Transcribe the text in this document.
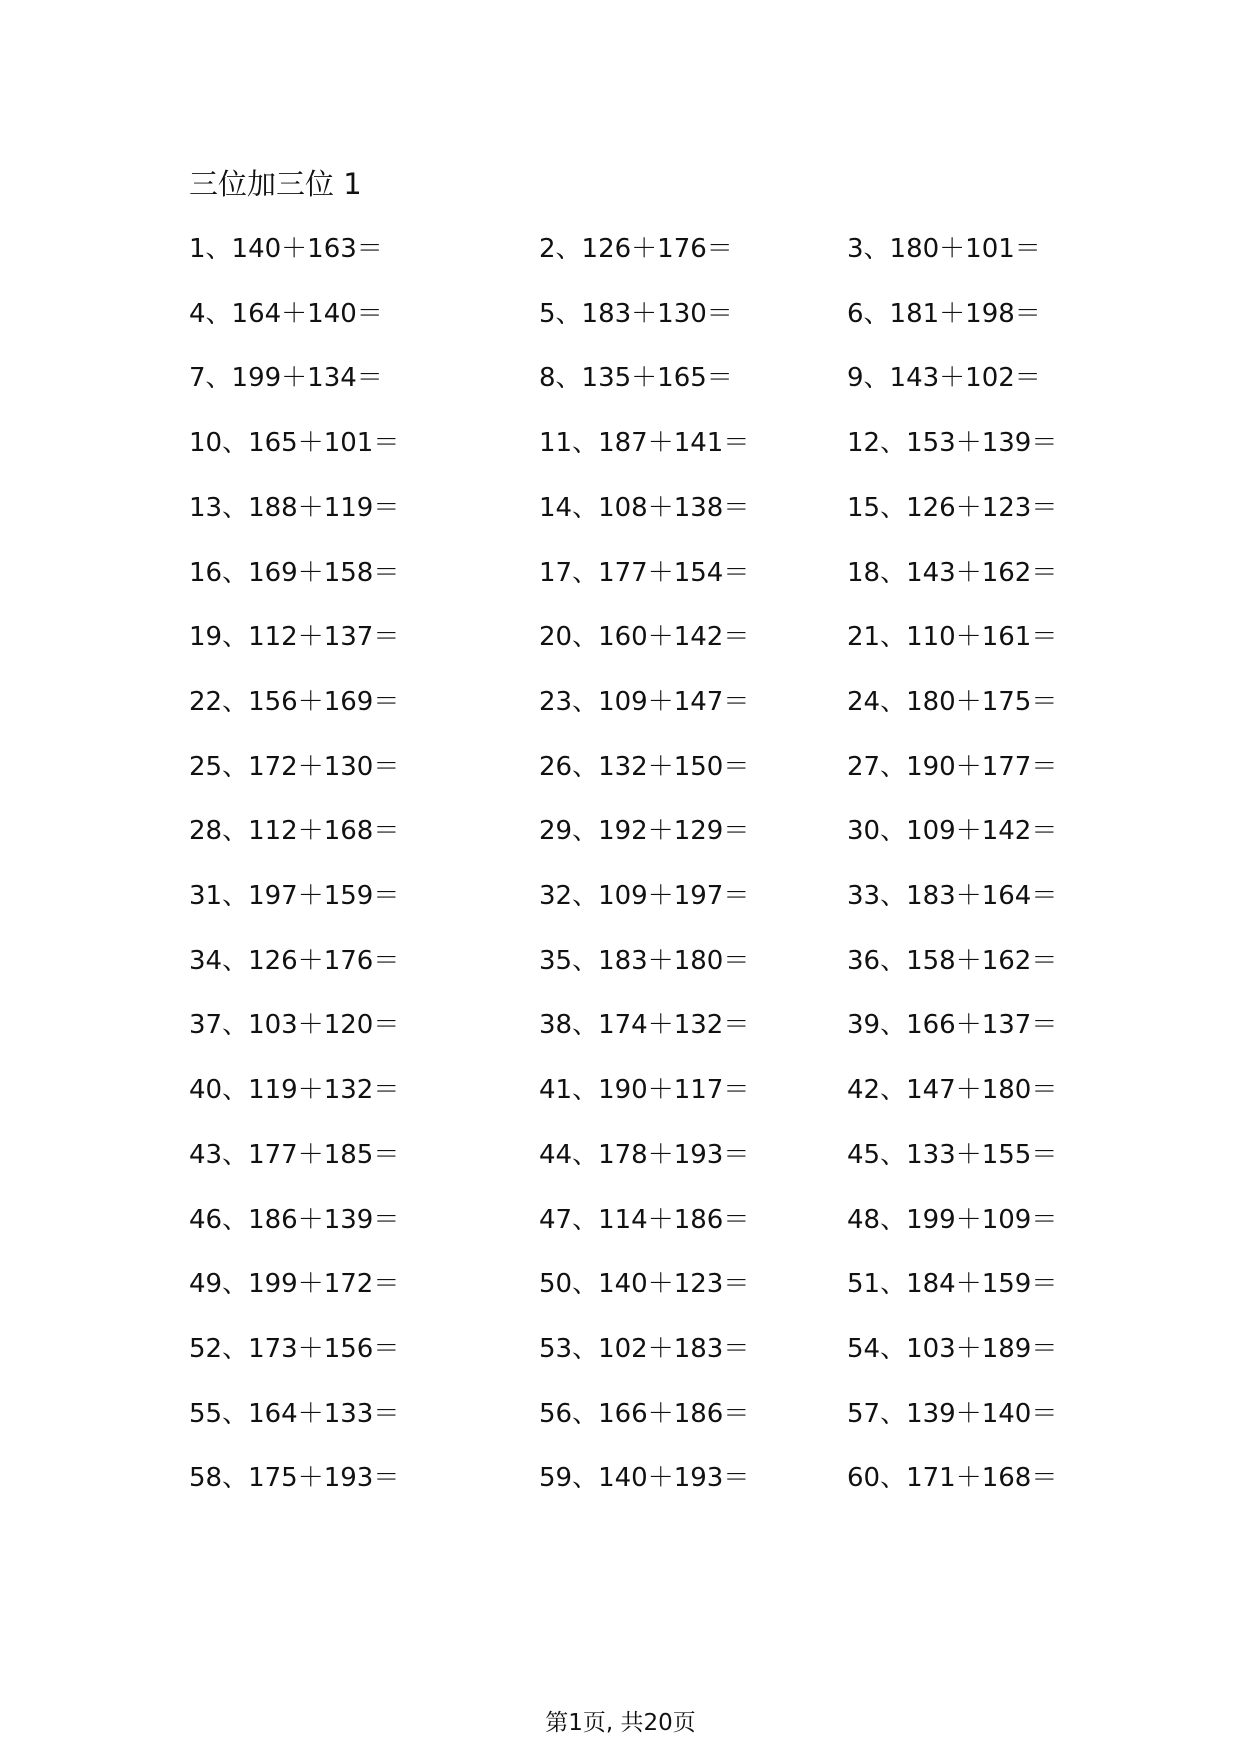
三位加三位 1
1、140＋163＝	2、126＋176＝	3、180＋101＝
4、164＋140＝	5、183＋130＝	6、181＋198＝
7、199＋134＝	8、135＋165＝	9、143＋102＝
10、165＋101＝	11、187＋141＝	12、153＋139＝
13、188＋119＝	14、108＋138＝	15、126＋123＝
16、169＋158＝	17、177＋154＝	18、143＋162＝
19、112＋137＝	20、160＋142＝	21、110＋161＝
22、156＋169＝	23、109＋147＝	24、180＋175＝
25、172＋130＝	26、132＋150＝	27、190＋177＝
28、112＋168＝	29、192＋129＝	30、109＋142＝
31、197＋159＝	32、109＋197＝	33、183＋164＝
34、126＋176＝	35、183＋180＝	36、158＋162＝
37、103＋120＝	38、174＋132＝	39、166＋137＝
40、119＋132＝	41、190＋117＝	42、147＋180＝
43、177＋185＝	44、178＋193＝	45、133＋155＝
46、186＋139＝	47、114＋186＝	48、199＋109＝
49、199＋172＝	50、140＋123＝	51、184＋159＝
52、173＋156＝	53、102＋183＝	54、103＋189＝
55、164＋133＝	56、166＋186＝	57、139＋140＝
58、175＋193＝	59、140＋193＝	60、171＋168＝
第1页, 共20页
